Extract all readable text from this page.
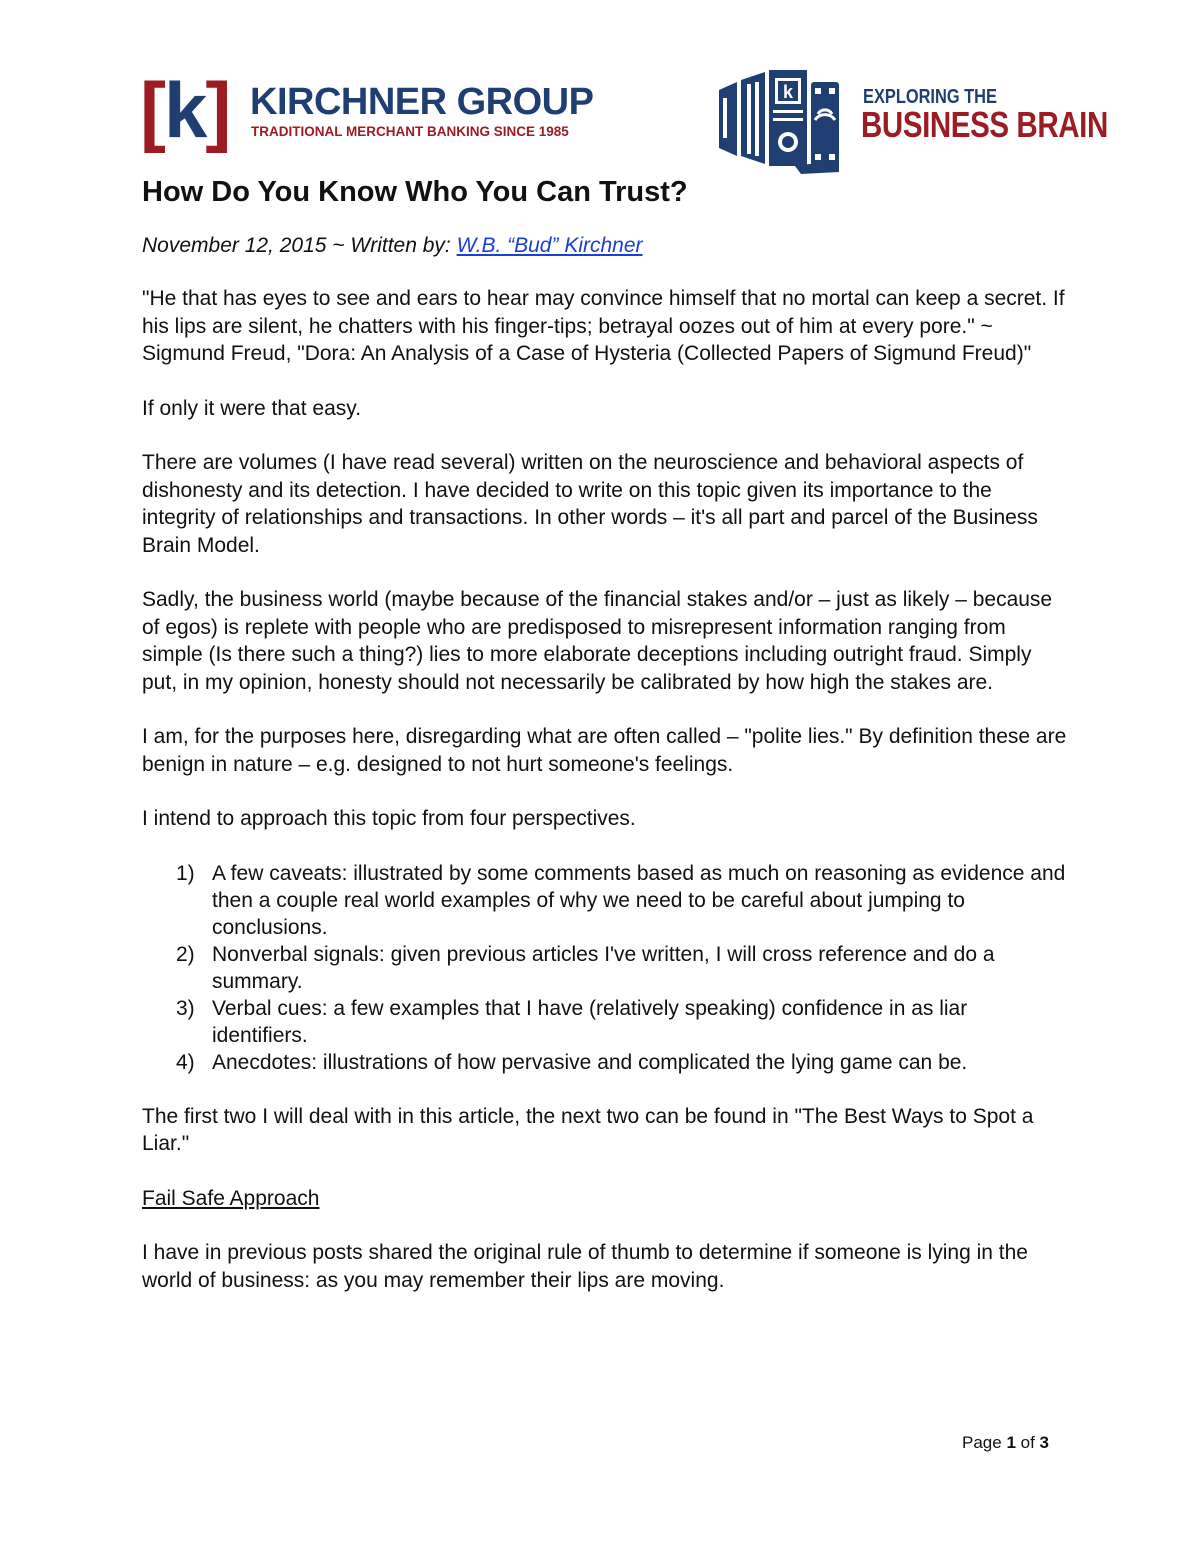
[k] KIRCHNER GROUP
TRADITIONAL MERCHANT BANKING SINCE 1985
k	EXPLORING THE
BUSINESS BRAIN
How Do You Know Who You Can Trust?
November 12, 2015 ~ Written by: W.B. “Bud” Kirchner

"He that has eyes to see and ears to hear may convince himself that no mortal can keep a secret. If his lips are silent, he chatters with his finger-tips; betrayal oozes out of him at every pore." ~ Sigmund Freud, "Dora: An Analysis of a Case of Hysteria (Collected Papers of Sigmund Freud)"

If only it were that easy.

There are volumes (I have read several) written on the neuroscience and behavioral aspects of dishonesty and its detection. I have decided to write on this topic given its importance to the integrity of relationships and transactions. In other words – it's all part and parcel of the Business Brain Model.

Sadly, the business world (maybe because of the financial stakes and/or – just as likely – because of egos) is replete with people who are predisposed to misrepresent information ranging from simple (Is there such a thing?) lies to more elaborate deceptions including outright fraud. Simply put, in my opinion, honesty should not necessarily be calibrated by how high the stakes are.

I am, for the purposes here, disregarding what are often called – "polite lies." By definition these are benign in nature – e.g. designed to not hurt someone's feelings.

I intend to approach this topic from four perspectives.

1) A few caveats: illustrated by some comments based as much on reasoning as evidence and then a couple real world examples of why we need to be careful about jumping to conclusions.
2) Nonverbal signals: given previous articles I've written, I will cross reference and do a summary.
3) Verbal cues: a few examples that I have (relatively speaking) confidence in as liar identifiers.
4) Anecdotes: illustrations of how pervasive and complicated the lying game can be.

The first two I will deal with in this article, the next two can be found in "The Best Ways to Spot a Liar."

Fail Safe Approach

I have in previous posts shared the original rule of thumb to determine if someone is lying in the world of business: as you may remember their lips are moving.

Page 1 of 3
